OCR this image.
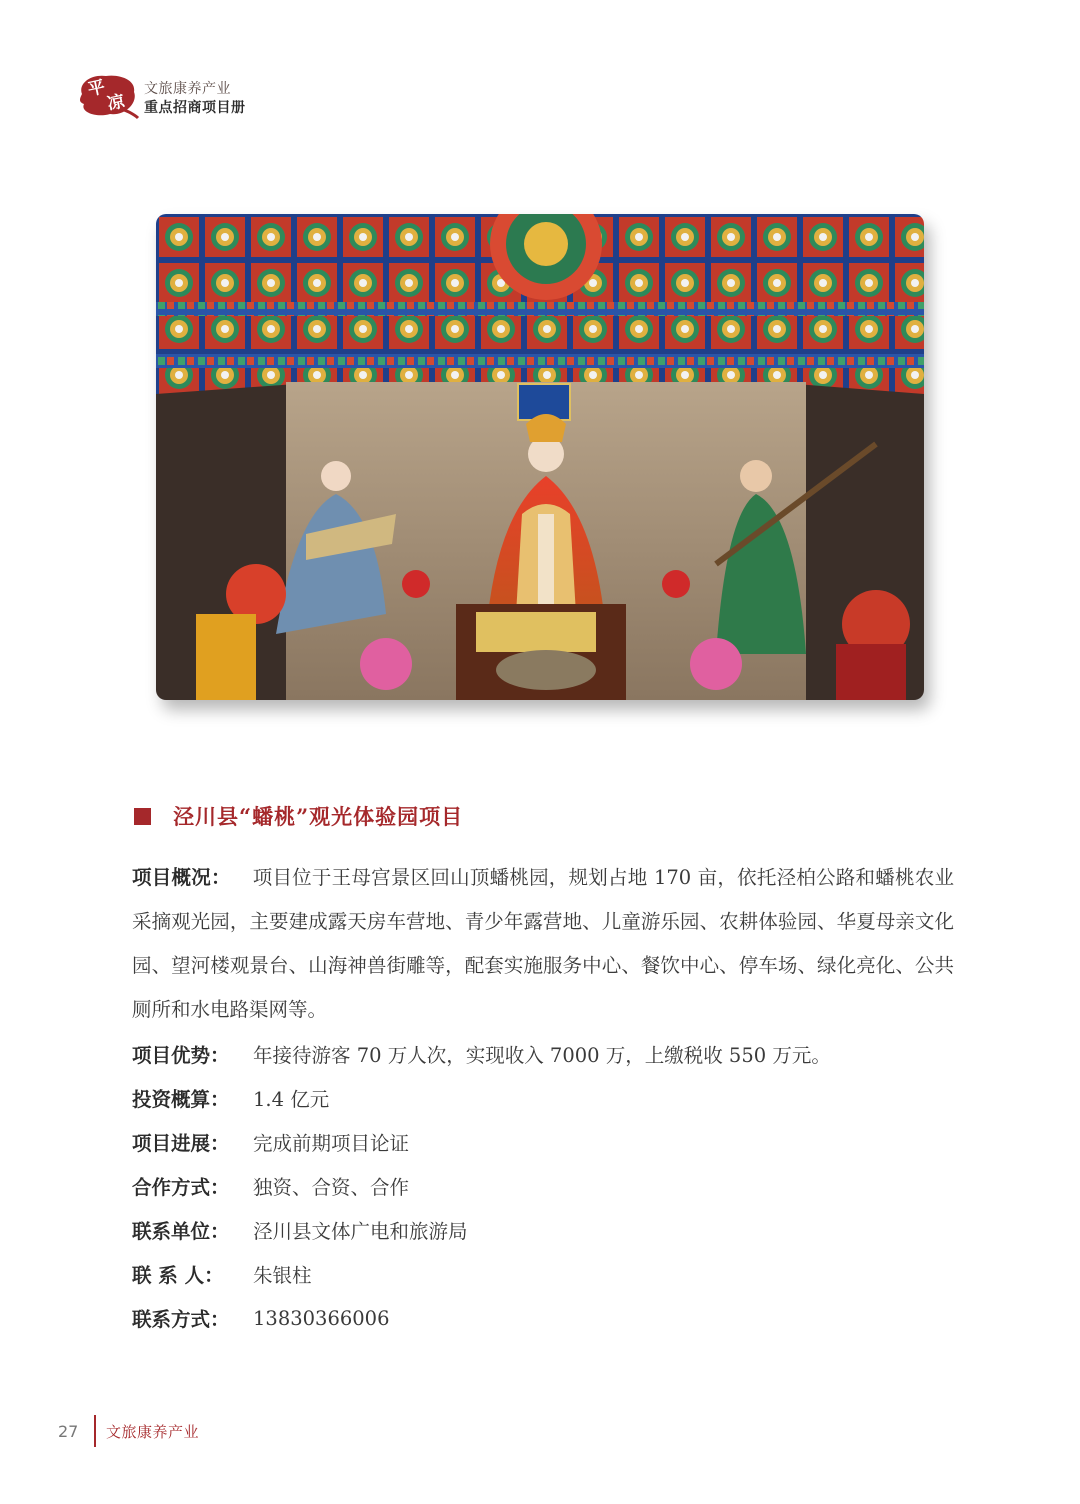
平
凉
文旅康养产业
重点招商项目册
泾川县“蟠桃”观光体验园项目
项目概况： 项目位于王母宫景区回山顶蟠桃园，规划占地 170 亩，依托泾柏公路和蟠桃农业采摘观光园，主要建成露天房车营地、青少年露营地、儿童游乐园、农耕体验园、华夏母亲文化园、望河楼观景台、山海神兽街雕等，配套实施服务中心、餐饮中心、停车场、绿化亮化、公共厕所和水电路渠网等。
项目优势：	年接待游客 70 万人次，实现收入 7000 万，上缴税收 550 万元。
投资概算：	1.4 亿元
项目进展：	完成前期项目论证
合作方式：	独资、合资、合作
联系单位：	泾川县文体广电和旅游局
联 系 人：	朱银柱
联系方式：	13830366006
27	文旅康养产业
